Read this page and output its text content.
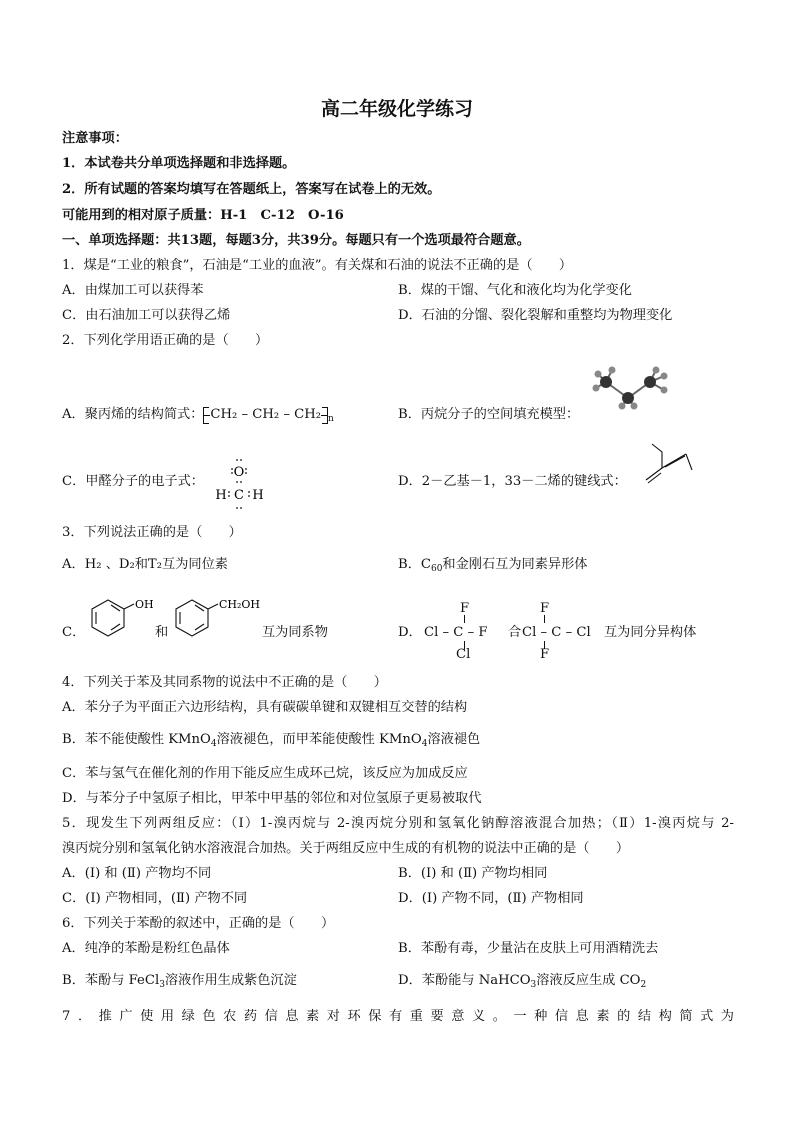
高二年级化学练习
注意事项：
1．本试卷共分单项选择题和非选择题。
2．所有试题的答案均填写在答题纸上，答案写在试卷上的无效。
可能用到的相对原子质量：H-1　C-12　O-16
一、单项选择题：共13题，每题3分，共39分。每题只有一个选项最符合题意。
1．煤是“工业的粮食”，石油是“工业的血液”。有关煤和石油的说法不正确的是（　　）
A．由煤加工可以获得苯	B．煤的干馏、气化和液化均为化学变化
C．由石油加工可以获得乙烯	D．石油的分馏、裂化裂解和重整均为物理变化
2．下列化学用语正确的是（　　）
A．聚丙烯的结构简式： CH₂ – CH₂ – CH₂ $_n$	B．丙烷分子的空间填充模型：
C．甲醛分子的电子式：
O
H C H
D．2－乙基－1，33－二烯的键线式：
3．下列说法正确的是（　　）
A．H₂ 、D₂和T₂互为同位素	B．$C_{60}$和金刚石互为同素异形体
C．
OH
和
CH₂OH
互为同系物	D．
F
Cl – C – F
Cl
合
F
Cl – C – Cl
F
互为同分异构体
4．下列关于苯及其同系物的说法中不正确的是（　　）
A．苯分子为平面正六边形结构，具有碳碳单键和双键相互交替的结构
B．苯不能使酸性 KMnO$_4$溶液褪色，而甲苯能使酸性 KMnO$_4$溶液褪色
C．苯与氢气在催化剂的作用下能反应生成环己烷，该反应为加成反应
D．与苯分子中氢原子相比，甲苯中甲基的邻位和对位氢原子更易被取代
5．现发生下列两组反应：（Ⅰ）1-溴丙烷与 2-溴丙烷分别和氢氧化钠醇溶液混合加热；（Ⅱ）1-溴丙烷与 2-
溴丙烷分别和氢氧化钠水溶液混合加热。关于两组反应中生成的有机物的说法中正确的是（　　）
A．(Ⅰ) 和 (Ⅱ) 产物均不同	B．(Ⅰ) 和 (Ⅱ) 产物均相同
C．(Ⅰ) 产物相同，(Ⅱ) 产物不同	D．(Ⅰ) 产物不同，(Ⅱ) 产物相同
6．下列关于苯酚的叙述中，正确的是（　　）
A．纯净的苯酚是粉红色晶体	B．苯酚有毒，少量沾在皮肤上可用酒精洗去
B．苯酚与 FeCl$_3$溶液作用生成紫色沉淀	D．苯酚能与 NaHCO$_3$溶液反应生成 $CO_2$
7．推广使用绿色农药信息素对环保有重要意义。一种信息素的结构简式为
